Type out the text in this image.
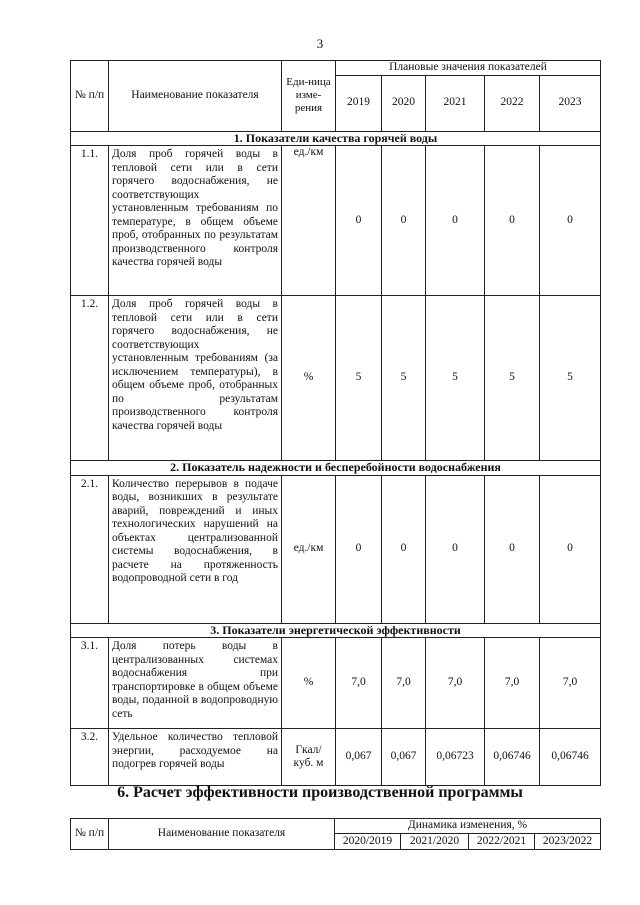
3
№ п/п	Наименование показателя	Еди-ница изме-рения	Плановые значения показателей				
			2019	2020	2021	2022	2023
1. Показатели качества горячей воды							
1.1.	Доля проб горячей воды в тепловой сети или в сети горячего водоснабжения, не соответствующих установленным требованиям по температуре, в общем объеме проб, отобранных по результатам производственного контроля качества горячей воды	ед./км	0	0	0	0	0
1.2.	Доля проб горячей воды в тепловой сети или в сети горячего водоснабжения, не соответствующих установленным требованиям (за исключением температуры), в общем объеме проб, отобранных по результатам производственного контроля качества горячей воды	%	5	5	5	5	5
2. Показатель надежности и бесперебойности водоснабжения							
2.1.	Количество перерывов в подаче воды, возникших в результате аварий, повреждений и иных технологических нарушений на объектах централизованной системы водоснабжения, в расчете на протяженность водопроводной сети в год	ед./км	0	0	0	0	0
3. Показатели энергетической эффективности							
3.1.	Доля потерь воды в централизованных системах водоснабжения при транспортировке в общем объеме воды, поданной в водопроводную сеть	%	7,0	7,0	7,0	7,0	7,0
3.2.	Удельное количество тепловой энергии, расходуемое на подогрев горячей воды	Гкал/ куб. м	0,067	0,067	0,06723	0,06746	0,06746
6. Расчет эффективности производственной программы
№ п/п	Наименование показателя	Динамика изменения, %			
		2020/2019	2021/2020	2022/2021	2023/2022
